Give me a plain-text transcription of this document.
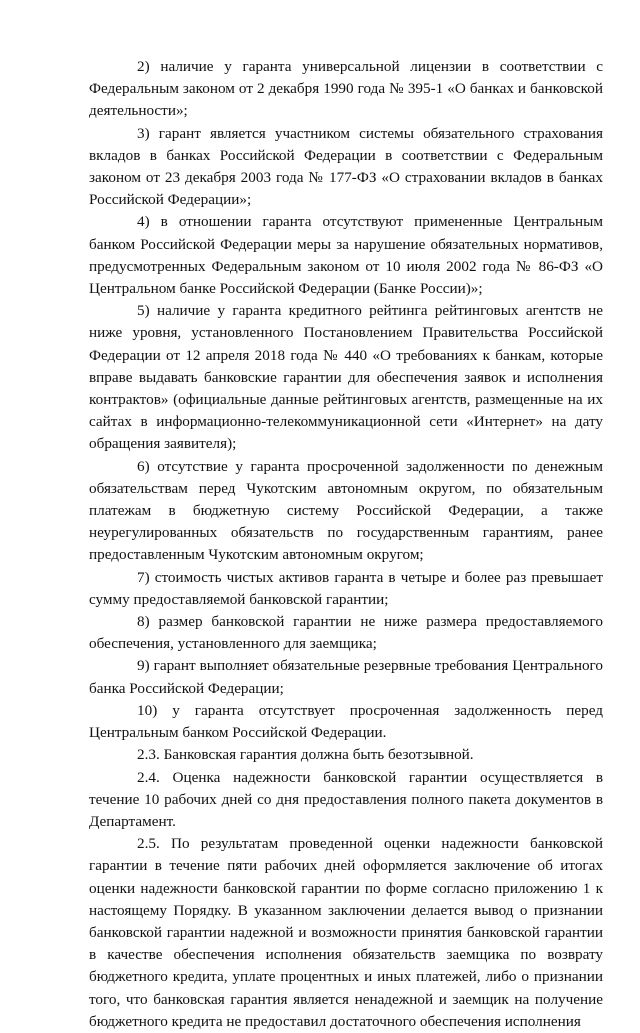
2) наличие у гаранта универсальной лицензии в соответствии с Федеральным законом от 2 декабря 1990 года № 395-1 «О банках и банковской деятельности»;

3) гарант является участником системы обязательного страхования вкладов в банках Российской Федерации в соответствии с Федеральным законом от 23 декабря 2003 года № 177-ФЗ «О страховании вкладов в банках Российской Федерации»;

4) в отношении гаранта отсутствуют примененные Центральным банком Российской Федерации меры за нарушение обязательных нормативов, предусмотренных Федеральным законом от 10 июля 2002 года № 86-ФЗ «О Центральном банке Российской Федерации (Банке России)»;

5) наличие у гаранта кредитного рейтинга рейтинговых агентств не ниже уровня, установленного Постановлением Правительства Российской Федерации от 12 апреля 2018 года № 440 «О требованиях к банкам, которые вправе выдавать банковские гарантии для обеспечения заявок и исполнения контрактов» (официальные данные рейтинговых агентств, размещенные на их сайтах в информационно-телекоммуникационной сети «Интернет» на дату обращения заявителя);

6) отсутствие у гаранта просроченной задолженности по денежным обязательствам перед Чукотским автономным округом, по обязательным платежам в бюджетную систему Российской Федерации, а также неурегулированных обязательств по государственным гарантиям, ранее предоставленным Чукотским автономным округом;

7) стоимость чистых активов гаранта в четыре и более раз превышает сумму предоставляемой банковской гарантии;

8) размер банковской гарантии не ниже размера предоставляемого обеспечения, установленного для заемщика;

9) гарант выполняет обязательные резервные требования Центрального банка Российской Федерации;

10) у гаранта отсутствует просроченная задолженность перед Центральным банком Российской Федерации.

2.3. Банковская гарантия должна быть безотзывной.

2.4. Оценка надежности банковской гарантии осуществляется в течение 10 рабочих дней со дня предоставления полного пакета документов в Департамент.

2.5. По результатам проведенной оценки надежности банковской гарантии в течение пяти рабочих дней оформляется заключение об итогах оценки надежности банковской гарантии по форме согласно приложению 1 к настоящему Порядку. В указанном заключении делается вывод о признании банковской гарантии надежной и возможности принятия банковской гарантии в качестве обеспечения исполнения обязательств заемщика по возврату бюджетного кредита, уплате процентных и иных платежей, либо о признании того, что банковская гарантия является ненадежной и заемщик на получение бюджетного кредита не предоставил достаточного обеспечения исполнения
